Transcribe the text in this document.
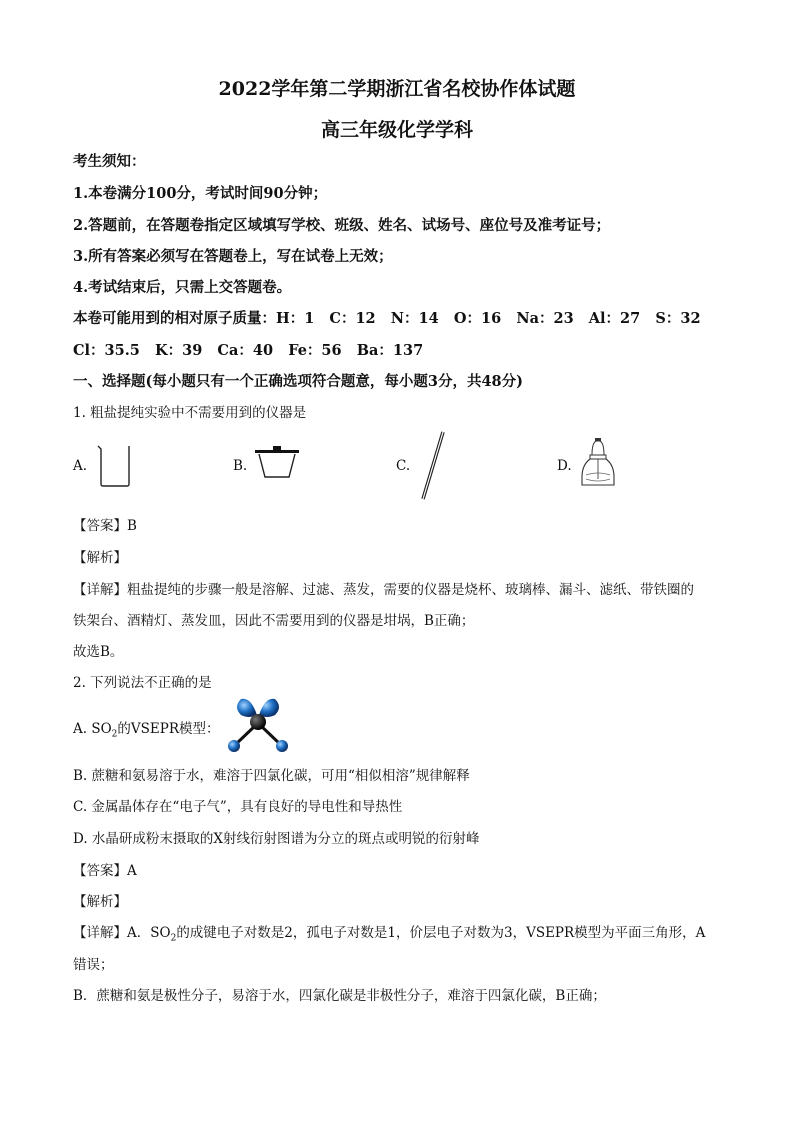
2022学年第二学期浙江省名校协作体试题
高三年级化学学科
考生须知：
1.本卷满分100分，考试时间90分钟；
2.答题前，在答题卷指定区域填写学校、班级、姓名、试场号、座位号及准考证号；
3.所有答案必须写在答题卷上，写在试卷上无效；
4.考试结束后，只需上交答题卷。
本卷可能用到的相对原子质量：H：1   C：12   N：14   O：16   Na：23   Al：27   S：32
Cl：35.5   K：39   Ca：40   Fe：56   Ba：137
一、选择题(每小题只有一个正确选项符合题意，每小题3分，共48分)
1. 粗盐提纯实验中不需要用到的仪器是
A.	B.	C.	D.
【答案】B
【解析】
【详解】粗盐提纯的步骤一般是溶解、过滤、蒸发，需要的仪器是烧杯、玻璃棒、漏斗、滤纸、带铁圈的
铁架台、酒精灯、蒸发皿，因此不需要用到的仪器是坩埚，B正确；
故选B。
2. 下列说法不正确的是
A. $SO_2$的VSEPR模型：
B. 蔗糖和氨易溶于水，难溶于四氯化碳，可用“相似相溶”规律解释
C. 金属晶体存在“电子气”，具有良好的导电性和导热性
D. 水晶研成粉末摄取的X射线衍射图谱为分立的斑点或明锐的衍射峰
【答案】A
【解析】
【详解】A．$SO_2$的成键电子对数是2，孤电子对数是1，价层电子对数为3，VSEPR模型为平面三角形，A
错误；
B．蔗糖和氨是极性分子，易溶于水，四氯化碳是非极性分子，难溶于四氯化碳，B正确；
